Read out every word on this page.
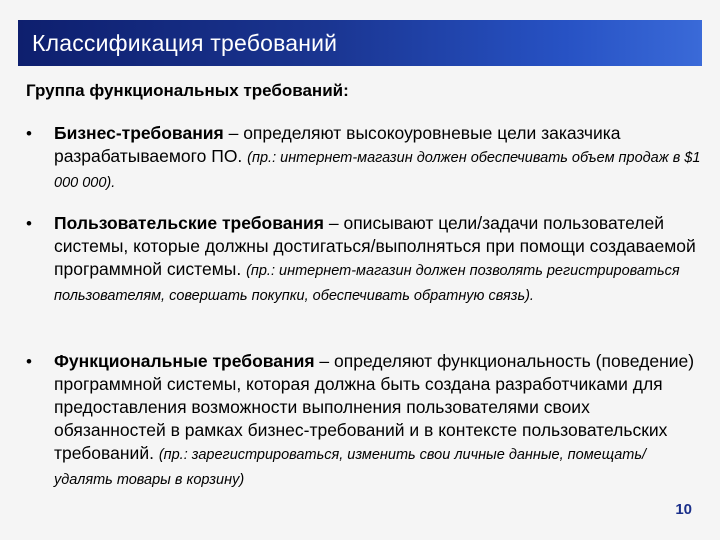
Классификация требований
Группа функциональных требований:
• Бизнес-требования – определяют высокоуровневые цели заказчика разрабатываемого ПО. (пр.: интернет-магазин должен обеспечивать объем продаж в $1 000 000).
• Пользовательские требования – описывают цели/задачи пользователей системы, которые должны достигаться/выполняться при помощи создаваемой программной системы. (пр.: интернет-магазин должен позволять регистрироваться пользователям, совершать покупки, обеспечивать обратную связь).
• Функциональные требования – определяют функциональность (поведение) программной системы, которая должна быть создана разработчиками для предоставления возможности выполнения пользователями своих обязанностей в рамках бизнес-требований и в контексте пользовательских требований. (пр.: зарегистрироваться, изменить свои личные данные, помещать/удалять товары в корзину)
10
